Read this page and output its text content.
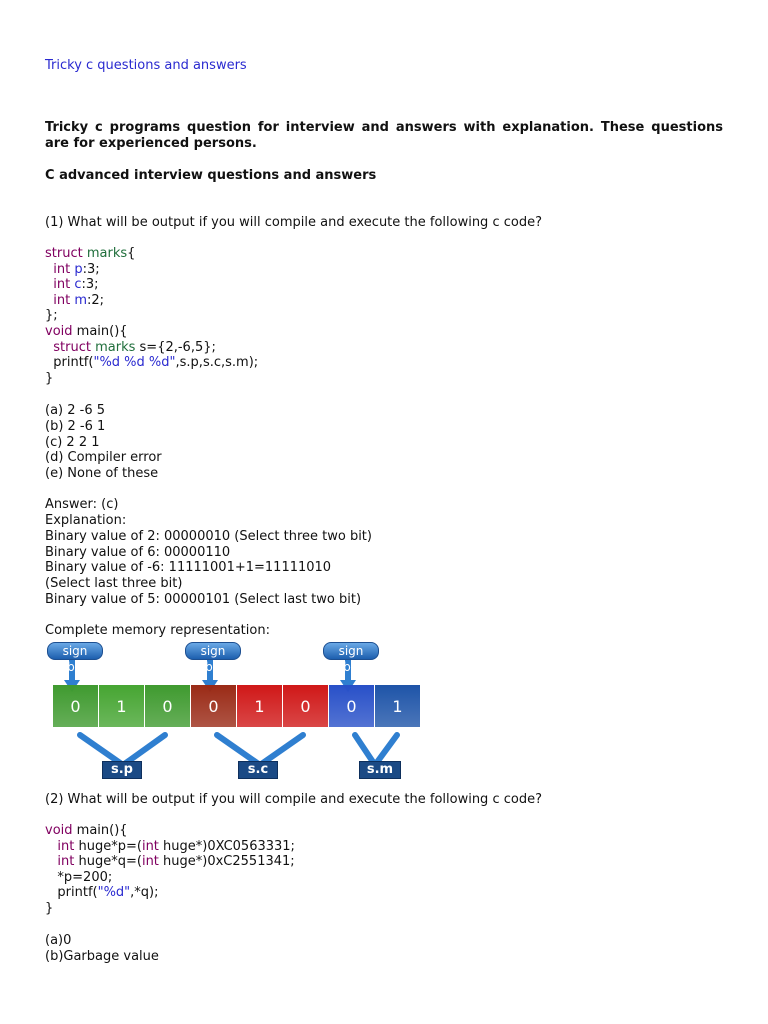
Tricky c questions and answers
Tricky c programs question for interview and answers with explanation. These questions are for experienced persons.
C advanced interview questions and answers
(1) What will be output if you will compile and execute the following c code?
struct marks{
int p:3;
int c:3;
int m:2;
};
void main(){
struct marks s={2,-6,5};
printf("%d %d %d",s.p,s.c,s.m);
}
(a) 2 -6 5
(b) 2 -6 1
(c) 2 2 1
(d) Compiler error
(e) None of these
Answer: (c)
Explanation:
Binary value of 2: 00000010 (Select three two bit)
Binary value of 6: 00000110
Binary value of -6: 11111001+1=11111010
(Select last three bit)
Binary value of 5: 00000101 (Select last two bit)
Complete memory representation:
(2) What will be output if you will compile and execute the following c code?
void main(){
int huge*p=(int huge*)0XC0563331;
int huge*q=(int huge*)0xC2551341;
*p=200;
printf("%d",*q);
}
(a)0
(b)Garbage value
0	1	0	0	1	0	0	1
sign bit
sign bit
sign bit
s.p	s.c	s.m
